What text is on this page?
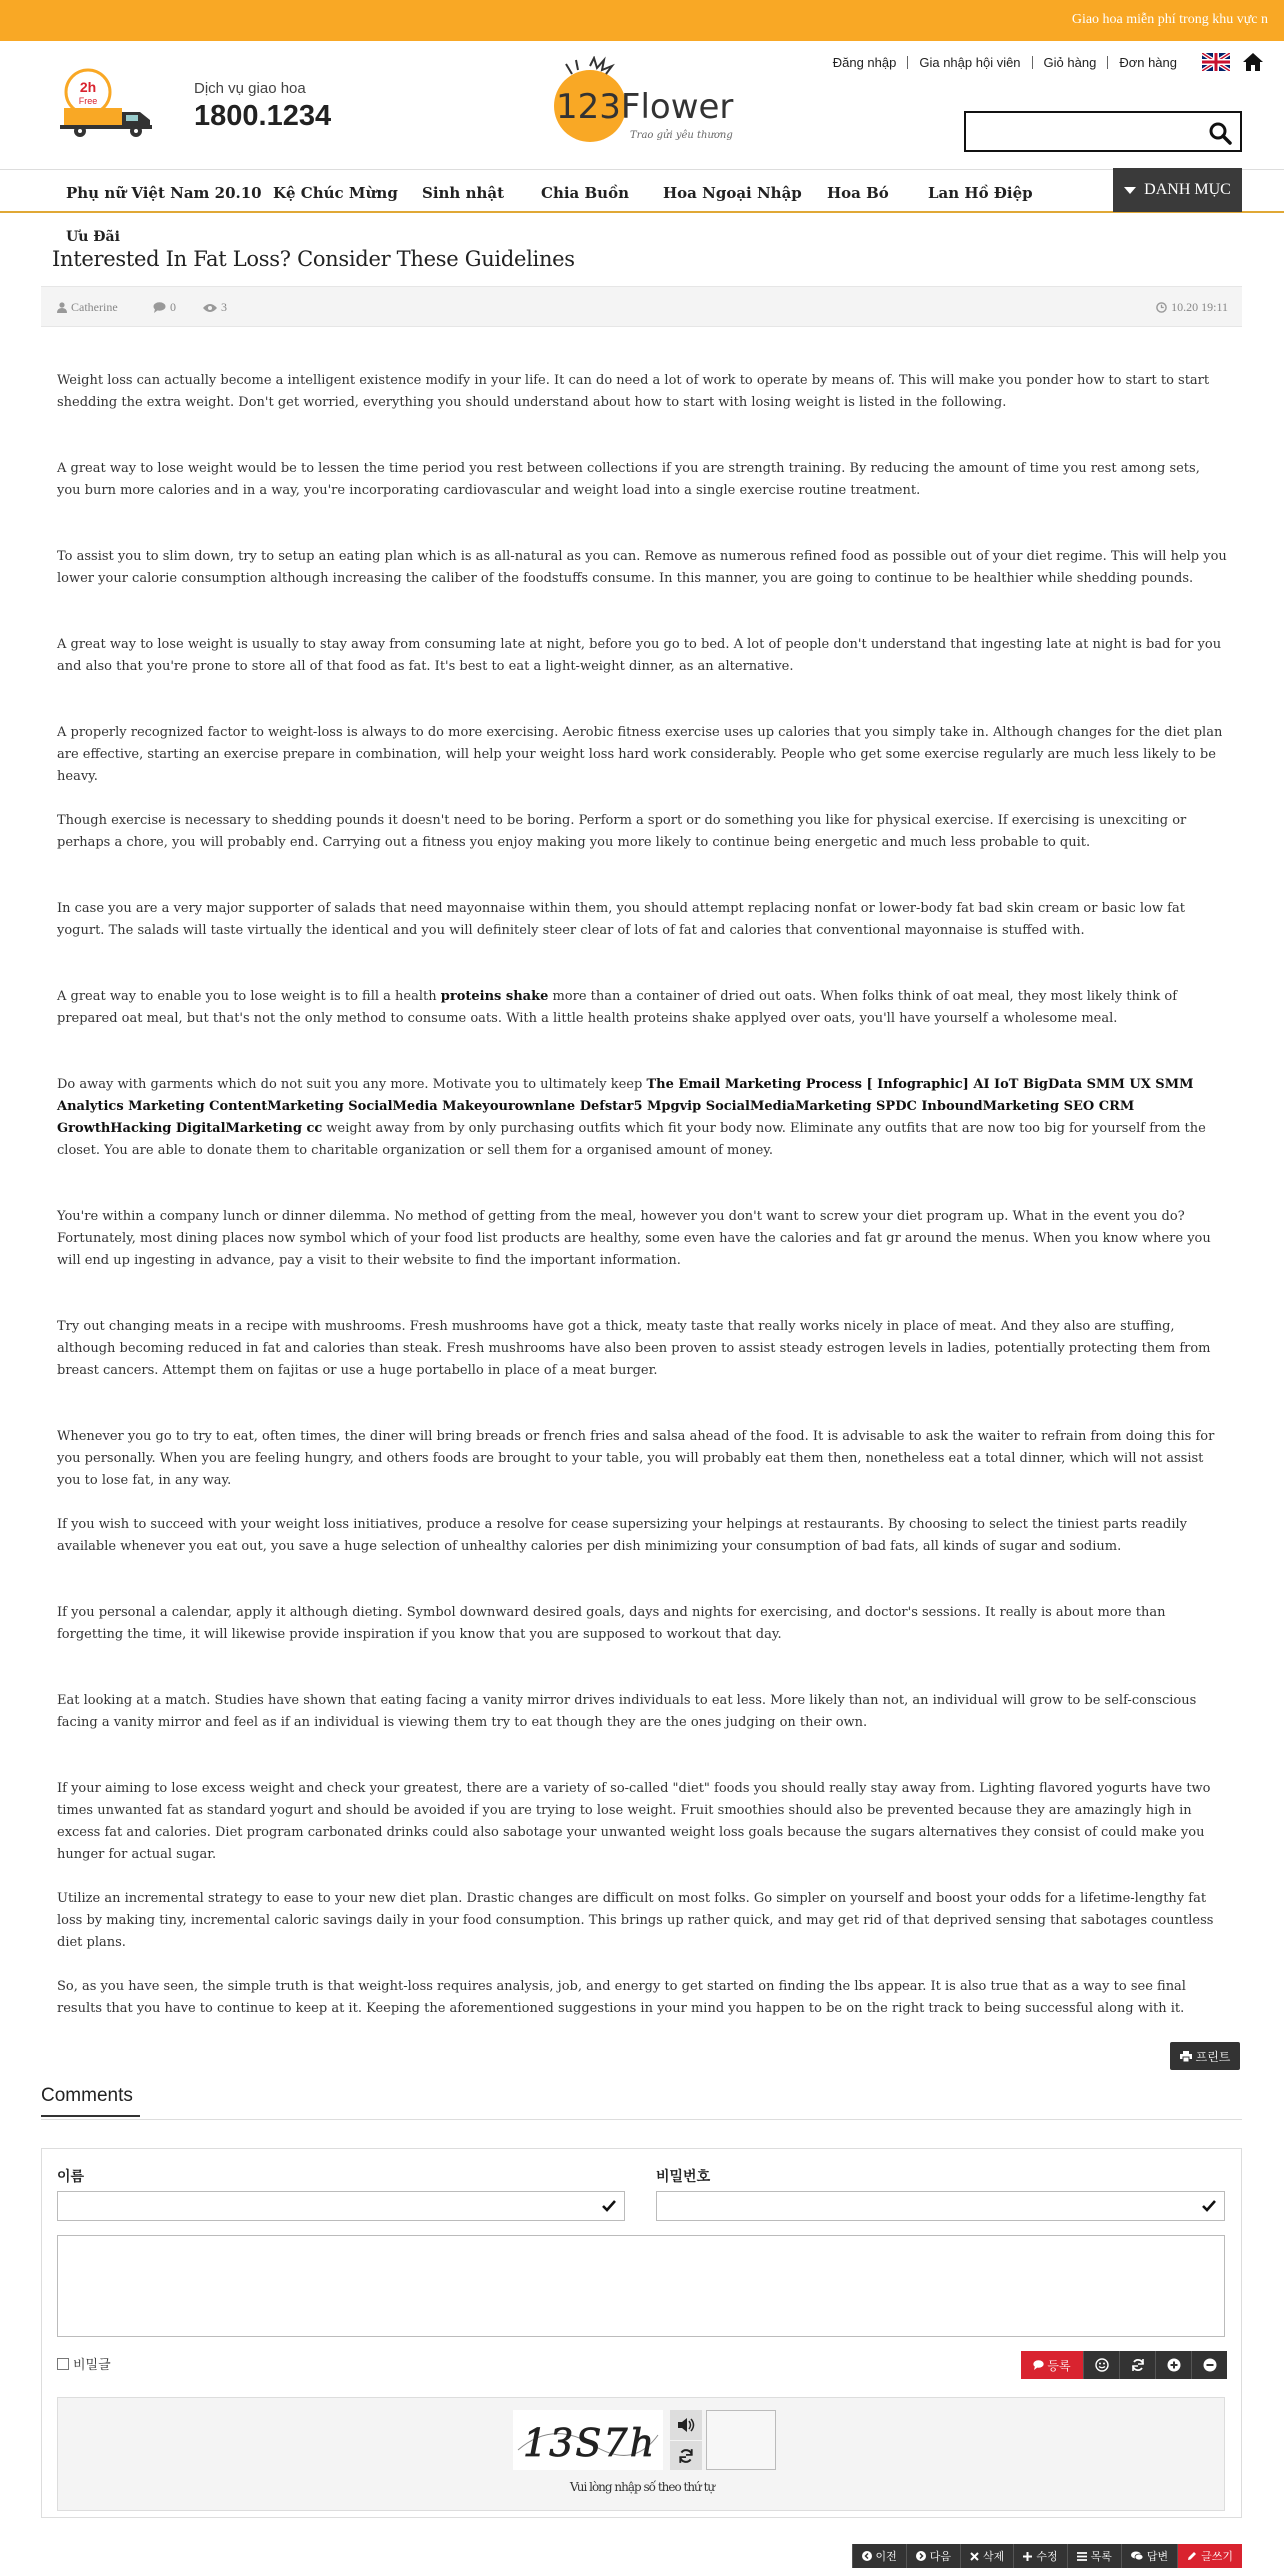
Giao hoa miễn phí trong khu vực n
2h
Free
Dịch vụ giao hoa
1800.1234	123Flower
Trao gửi yêu thương
Đăng nhập	Gia nhập hội viên	Giỏ hàng	Đơn hàng
Phụ nữ Việt Nam 20.10 Kệ Chúc Mừng Sinh nhật Chia Buồn Hoa Ngoại Nhập Hoa Bó	Lan Hồ Điệp	DANH MỤC
Ưu Đãi
Interested In Fat Loss? Consider These Guidelines
Catherine	0	3	10.20 19:11

Weight loss can actually become a intelligent existence modify in your life. It can do need a lot of work to operate by means of. This will make you ponder how to start to start shedding the extra weight. Don't get worried, everything you should understand about how to start with losing weight is listed in the following.

A great way to lose weight would be to lessen the time period you rest between collections if you are strength training. By reducing the amount of time you rest among sets, you burn more calories and in a way, you're incorporating cardiovascular and weight load into a single exercise routine treatment.

To assist you to slim down, try to setup an eating plan which is as all-natural as you can. Remove as numerous refined food as possible out of your diet regime. This will help you lower your calorie consumption although increasing the caliber of the foodstuffs consume. In this manner, you are going to continue to be healthier while shedding pounds.

A great way to lose weight is usually to stay away from consuming late at night, before you go to bed. A lot of people don't understand that ingesting late at night is bad for you and also that you're prone to store all of that food as fat. It's best to eat a light-weight dinner, as an alternative.

A properly recognized factor to weight-loss is always to do more exercising. Aerobic fitness exercise uses up calories that you simply take in. Although changes for the diet plan are effective, starting an exercise prepare in combination, will help your weight loss hard work considerably. People who get some exercise regularly are much less likely to be heavy.

Though exercise is necessary to shedding pounds it doesn't need to be boring. Perform a sport or do something you like for physical exercise. If exercising is unexciting or perhaps a chore, you will probably end. Carrying out a fitness you enjoy making you more likely to continue being energetic and much less probable to quit.

In case you are a very major supporter of salads that need mayonnaise within them, you should attempt replacing nonfat or lower-body fat bad skin cream or basic low fat yogurt. The salads will taste virtually the identical and you will definitely steer clear of lots of fat and calories that conventional mayonnaise is stuffed with.

A great way to enable you to lose weight is to fill a health proteins shake more than a container of dried out oats. When folks think of oat meal, they most likely think of prepared oat meal, but that's not the only method to consume oats. With a little health proteins shake applyed over oats, you'll have yourself a wholesome meal.

Do away with garments which do not suit you any more. Motivate you to ultimately keep The Email Marketing Process [ Infographic] AI IoT BigData SMM UX SMM Analytics Marketing ContentMarketing SocialMedia Makeyourownlane Defstar5 Mpgvip SocialMediaMarketing SPDC InboundMarketing SEO CRM GrowthHacking DigitalMarketing cc weight away from by only purchasing outfits which fit your body now. Eliminate any outfits that are now too big for yourself from the closet. You are able to donate them to charitable organization or sell them for a organised amount of money.

You're within a company lunch or dinner dilemma. No method of getting from the meal, however you don't want to screw your diet program up. What in the event you do? Fortunately, most dining places now symbol which of your food list products are healthy, some even have the calories and fat gr around the menus. When you know where you will end up ingesting in advance, pay a visit to their website to find the important information.

Try out changing meats in a recipe with mushrooms. Fresh mushrooms have got a thick, meaty taste that really works nicely in place of meat. And they also are stuffing, although becoming reduced in fat and calories than steak. Fresh mushrooms have also been proven to assist steady estrogen levels in ladies, potentially protecting them from breast cancers. Attempt them on fajitas or use a huge portabello in place of a meat burger.

Whenever you go to try to eat, often times, the diner will bring breads or french fries and salsa ahead of the food. It is advisable to ask the waiter to refrain from doing this for you personally. When you are feeling hungry, and others foods are brought to your table, you will probably eat them then, nonetheless eat a total dinner, which will not assist you to lose fat, in any way.

If you wish to succeed with your weight loss initiatives, produce a resolve for cease supersizing your helpings at restaurants. By choosing to select the tiniest parts readily available whenever you eat out, you save a huge selection of unhealthy calories per dish minimizing your consumption of bad fats, all kinds of sugar and sodium.

If you personal a calendar, apply it although dieting. Symbol downward desired goals, days and nights for exercising, and doctor's sessions. It really is about more than forgetting the time, it will likewise provide inspiration if you know that you are supposed to workout that day.

Eat looking at a match. Studies have shown that eating facing a vanity mirror drives individuals to eat less. More likely than not, an individual will grow to be self-conscious facing a vanity mirror and feel as if an individual is viewing them try to eat though they are the ones judging on their own.

If your aiming to lose excess weight and check your greatest, there are a variety of so-called "diet" foods you should really stay away from. Lighting flavored yogurts have two times unwanted fat as standard yogurt and should be avoided if you are trying to lose weight. Fruit smoothies should also be prevented because they are amazingly high in excess fat and calories. Diet program carbonated drinks could also sabotage your unwanted weight loss goals because the sugars alternatives they consist of could make you hunger for actual sugar.

Utilize an incremental strategy to ease to your new diet plan. Drastic changes are difficult on most folks. Go simpler on yourself and boost your odds for a lifetime-lengthy fat loss by making tiny, incremental caloric savings daily in your food consumption. This brings up rather quick, and may get rid of that deprived sensing that sabotages countless diet plans.

So, as you have seen, the simple truth is that weight-loss requires analysis, job, and energy to get started on finding the lbs appear. It is also true that as a way to see final results that you have to continue to keep at it. Keeping the aforementioned suggestions in your mind you happen to be on the right track to being successful along with it.

프린트
Comments
이름	비밀번호
비밀글	등록
13S7h
Vui lòng nhập số theo thứ tự
이전	다음	삭제	수정	목록	답변	글쓰기
